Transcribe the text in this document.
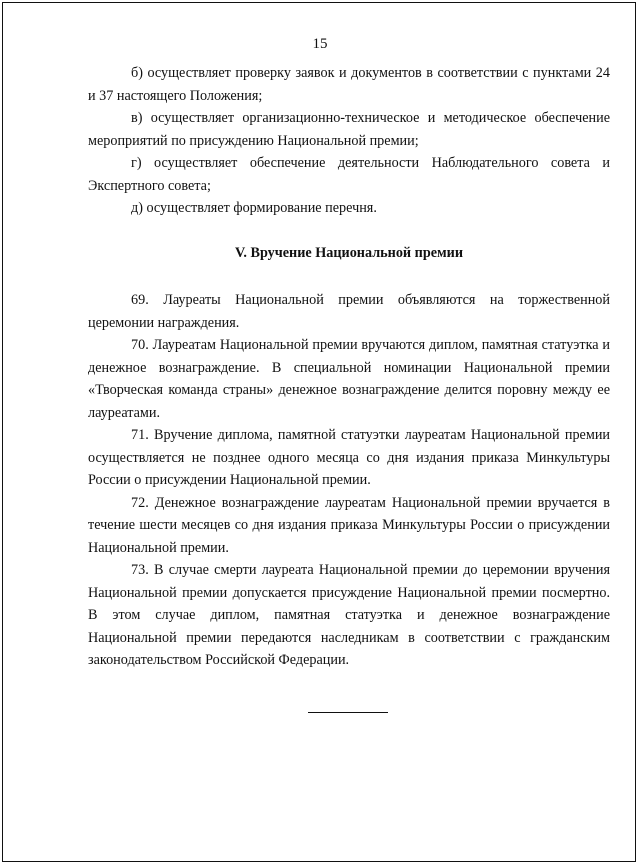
15

б) осуществляет проверку заявок и документов в соответствии с пунктами 24 и 37 настоящего Положения;

в) осуществляет организационно-техническое и методическое обеспечение мероприятий по присуждению Национальной премии;

г) осуществляет обеспечение деятельности Наблюдательного совета и Экспертного совета;

д) осуществляет формирование перечня.

V. Вручение Национальной премии

69. Лауреаты Национальной премии объявляются на торжественной церемонии награждения.

70. Лауреатам Национальной премии вручаются диплом, памятная статуэтка и денежное вознаграждение. В специальной номинации Национальной премии «Творческая команда страны» денежное вознаграждение делится поровну между ее лауреатами.

71. Вручение диплома, памятной статуэтки лауреатам Национальной премии осуществляется не позднее одного месяца со дня издания приказа Минкультуры России о присуждении Национальной премии.

72. Денежное вознаграждение лауреатам Национальной премии вручается в течение шести месяцев со дня издания приказа Минкультуры России о присуждении Национальной премии.

73. В случае смерти лауреата Национальной премии до церемонии вручения Национальной премии допускается присуждение Национальной премии посмертно. В этом случае диплом, памятная статуэтка и денежное вознаграждение Национальной премии передаются наследникам в соответствии с гражданским законодательством Российской Федерации.
